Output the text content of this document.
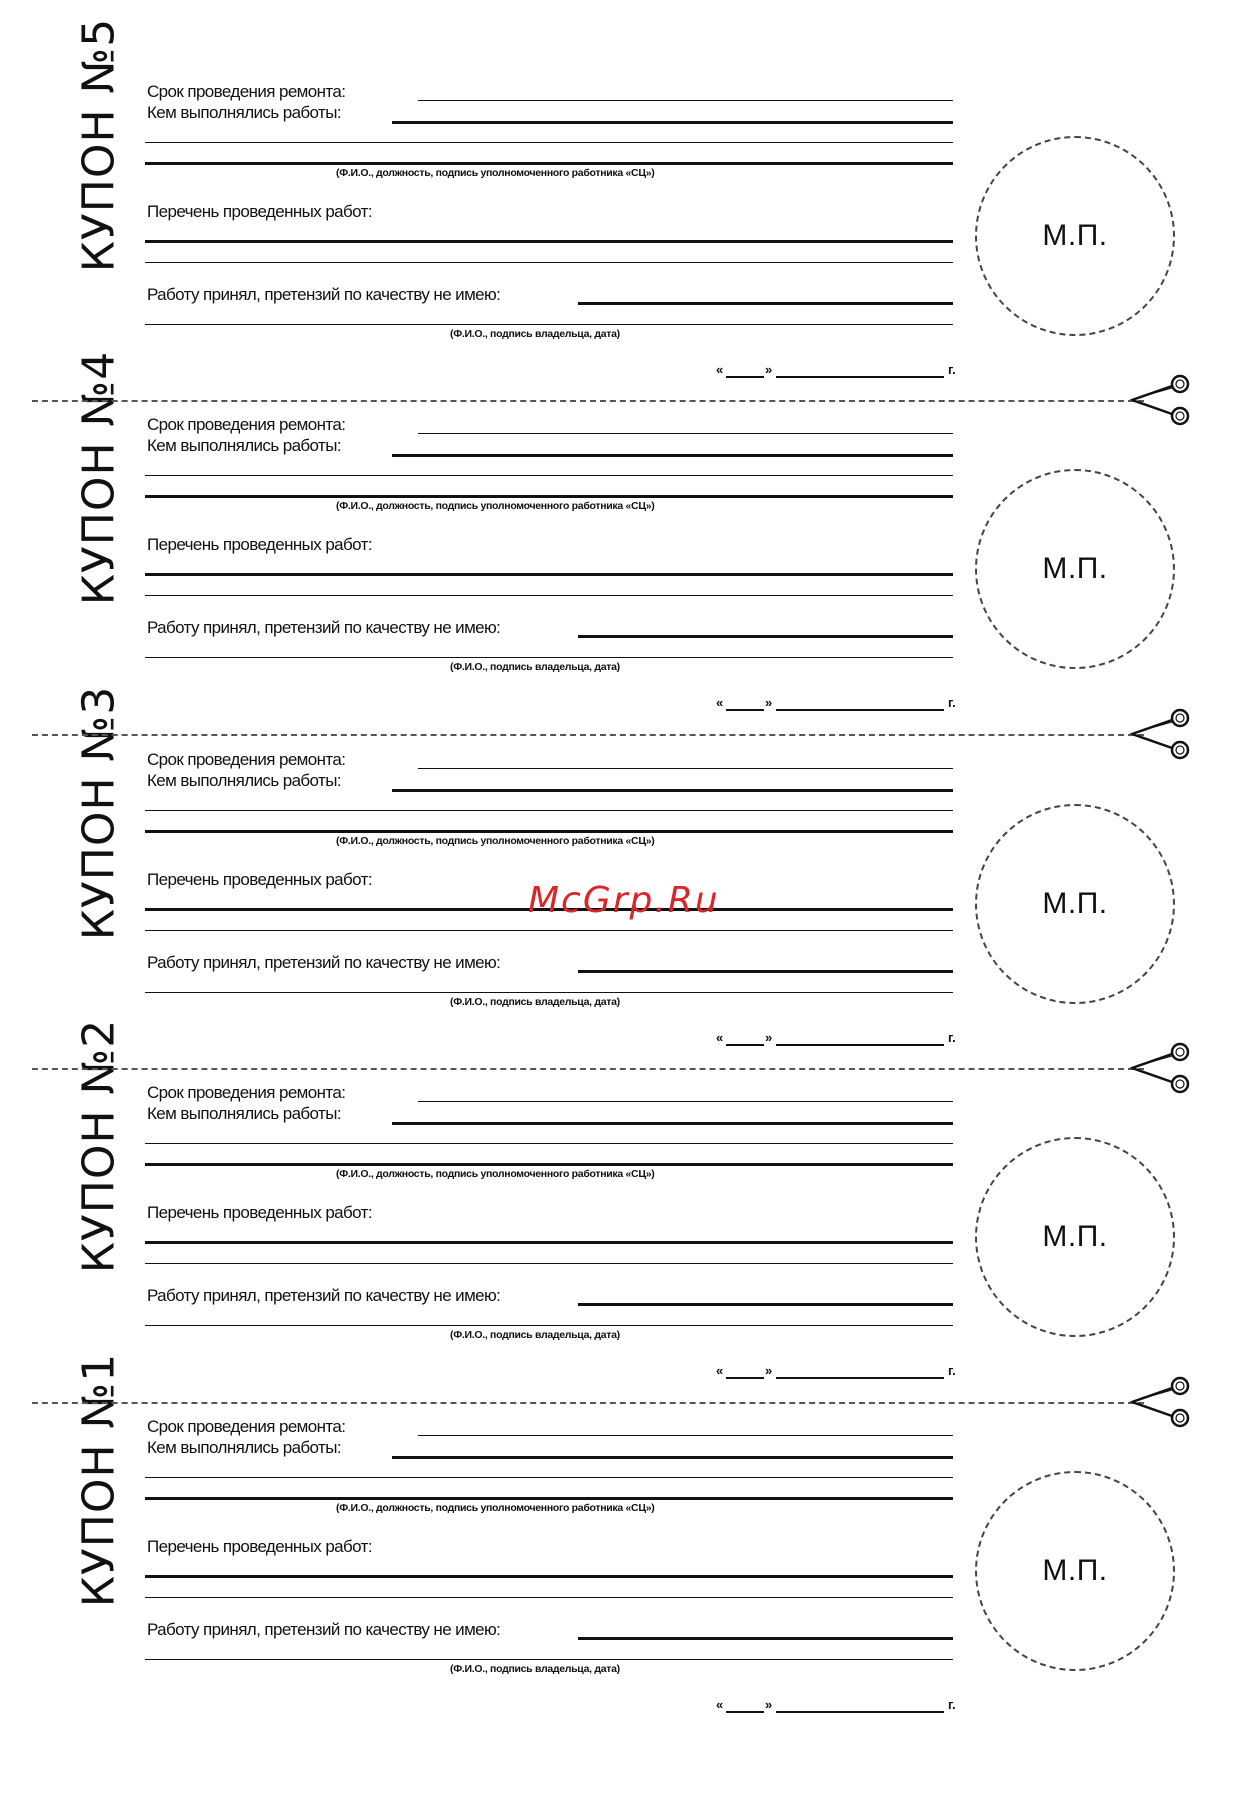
КУПОН №5 Срок проведения ремонта:
Кем выполнялись работы:
(Ф.И.О., должность, подпись уполномоченного работника «СЦ»)
Перечень проведенных работ:
Работу принял, претензий по качеству не имею:
(Ф.И.О., подпись владельца, дата)
М.П.
«	»	г.
КУПОН №4 Срок проведения ремонта:
Кем выполнялись работы:
(Ф.И.О., должность, подпись уполномоченного работника «СЦ»)
Перечень проведенных работ:
Работу принял, претензий по качеству не имею:
(Ф.И.О., подпись владельца, дата)
М.П.
«	»	г.
КУПОН №3 Срок проведения ремонта:
Кем выполнялись работы:
(Ф.И.О., должность, подпись уполномоченного работника «СЦ»)
Перечень проведенных работ:
Работу принял, претензий по качеству не имею:
(Ф.И.О., подпись владельца, дата)
М.П.
«	»	г.
КУПОН №2 Срок проведения ремонта:
Кем выполнялись работы:
(Ф.И.О., должность, подпись уполномоченного работника «СЦ»)
Перечень проведенных работ:
Работу принял, претензий по качеству не имею:
(Ф.И.О., подпись владельца, дата)
М.П.
«	»	г.
КУПОН №1 Срок проведения ремонта:
Кем выполнялись работы:
(Ф.И.О., должность, подпись уполномоченного работника «СЦ»)
Перечень проведенных работ:
Работу принял, претензий по качеству не имею:
(Ф.И.О., подпись владельца, дата)
М.П.
«	»	г.
McGrp.Ru
